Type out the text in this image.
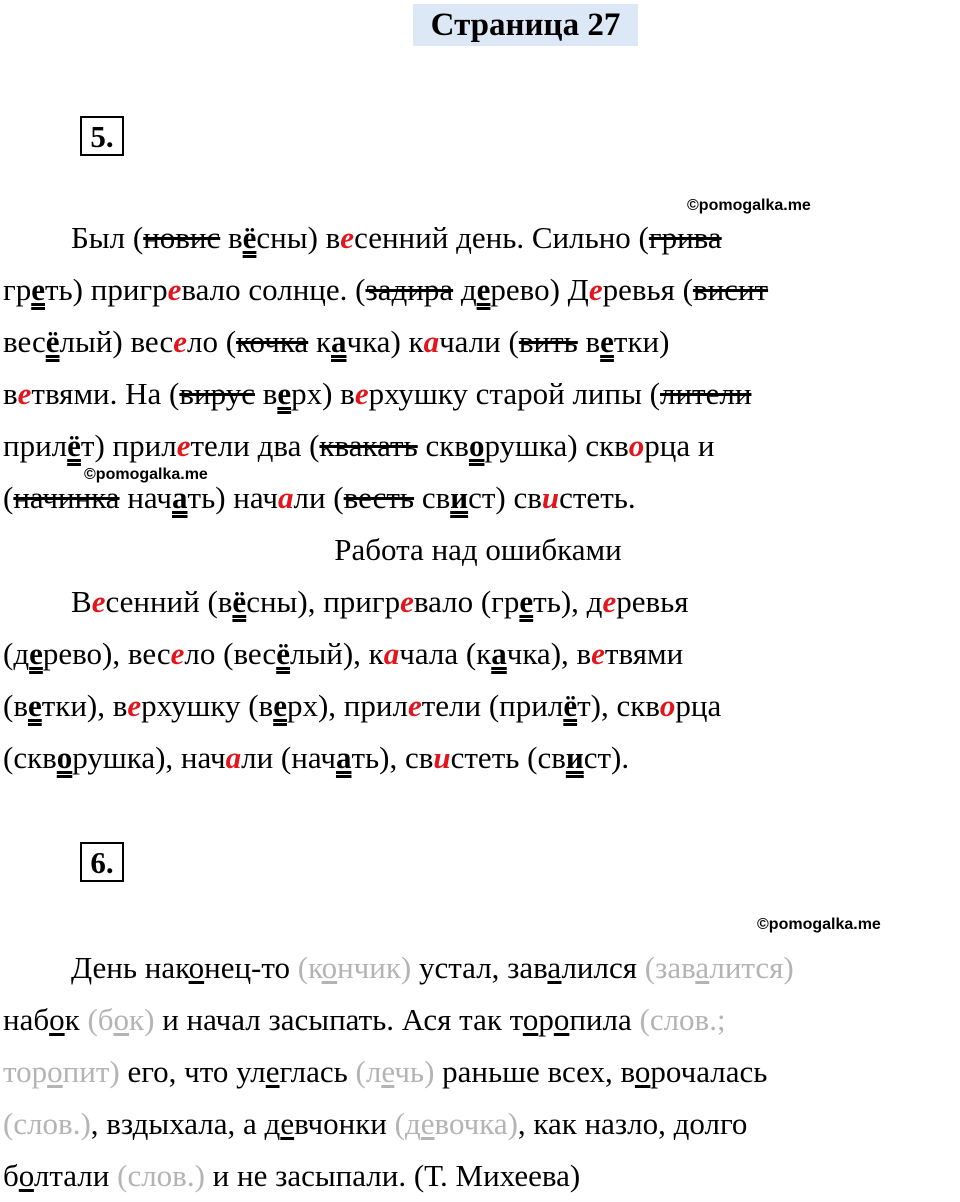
Страница 27
5.
©pomogalka.me
©pomogalka.me
Был (новис вёсны) весенний день. Сильно (грива
греть) пригревало солнце. (задира дерево) Деревья (висит
весёлый) весело (кочка качка) качали (вить ветки)
ветвями. На (вирус верх) верхушку старой липы (лители
прилёт) прилетели два (квакать скворушка) скворца и
(начинка начать) начали (весть свист) свистеть.
Работа над ошибками
Весенний (вёсны), пригревало (греть), деревья
(дерево), весело (весёлый), качала (качка), ветвями
(ветки), верхушку (верх), прилетели (прилёт), скворца
(скворушка), начали (начать), свистеть (свист).
6.
©pomogalka.me
День наконец-то (кончик) устал, завалился (завалится)
набок (бок) и начал засыпать. Ася так торопила (слов.;
торопит) его, что улеглась (лечь) раньше всех, ворочалась
(слов.), вздыхала, а девчонки (девочка), как назло, долго
болтали (слов.) и не засыпали. (Т. Михеева)
